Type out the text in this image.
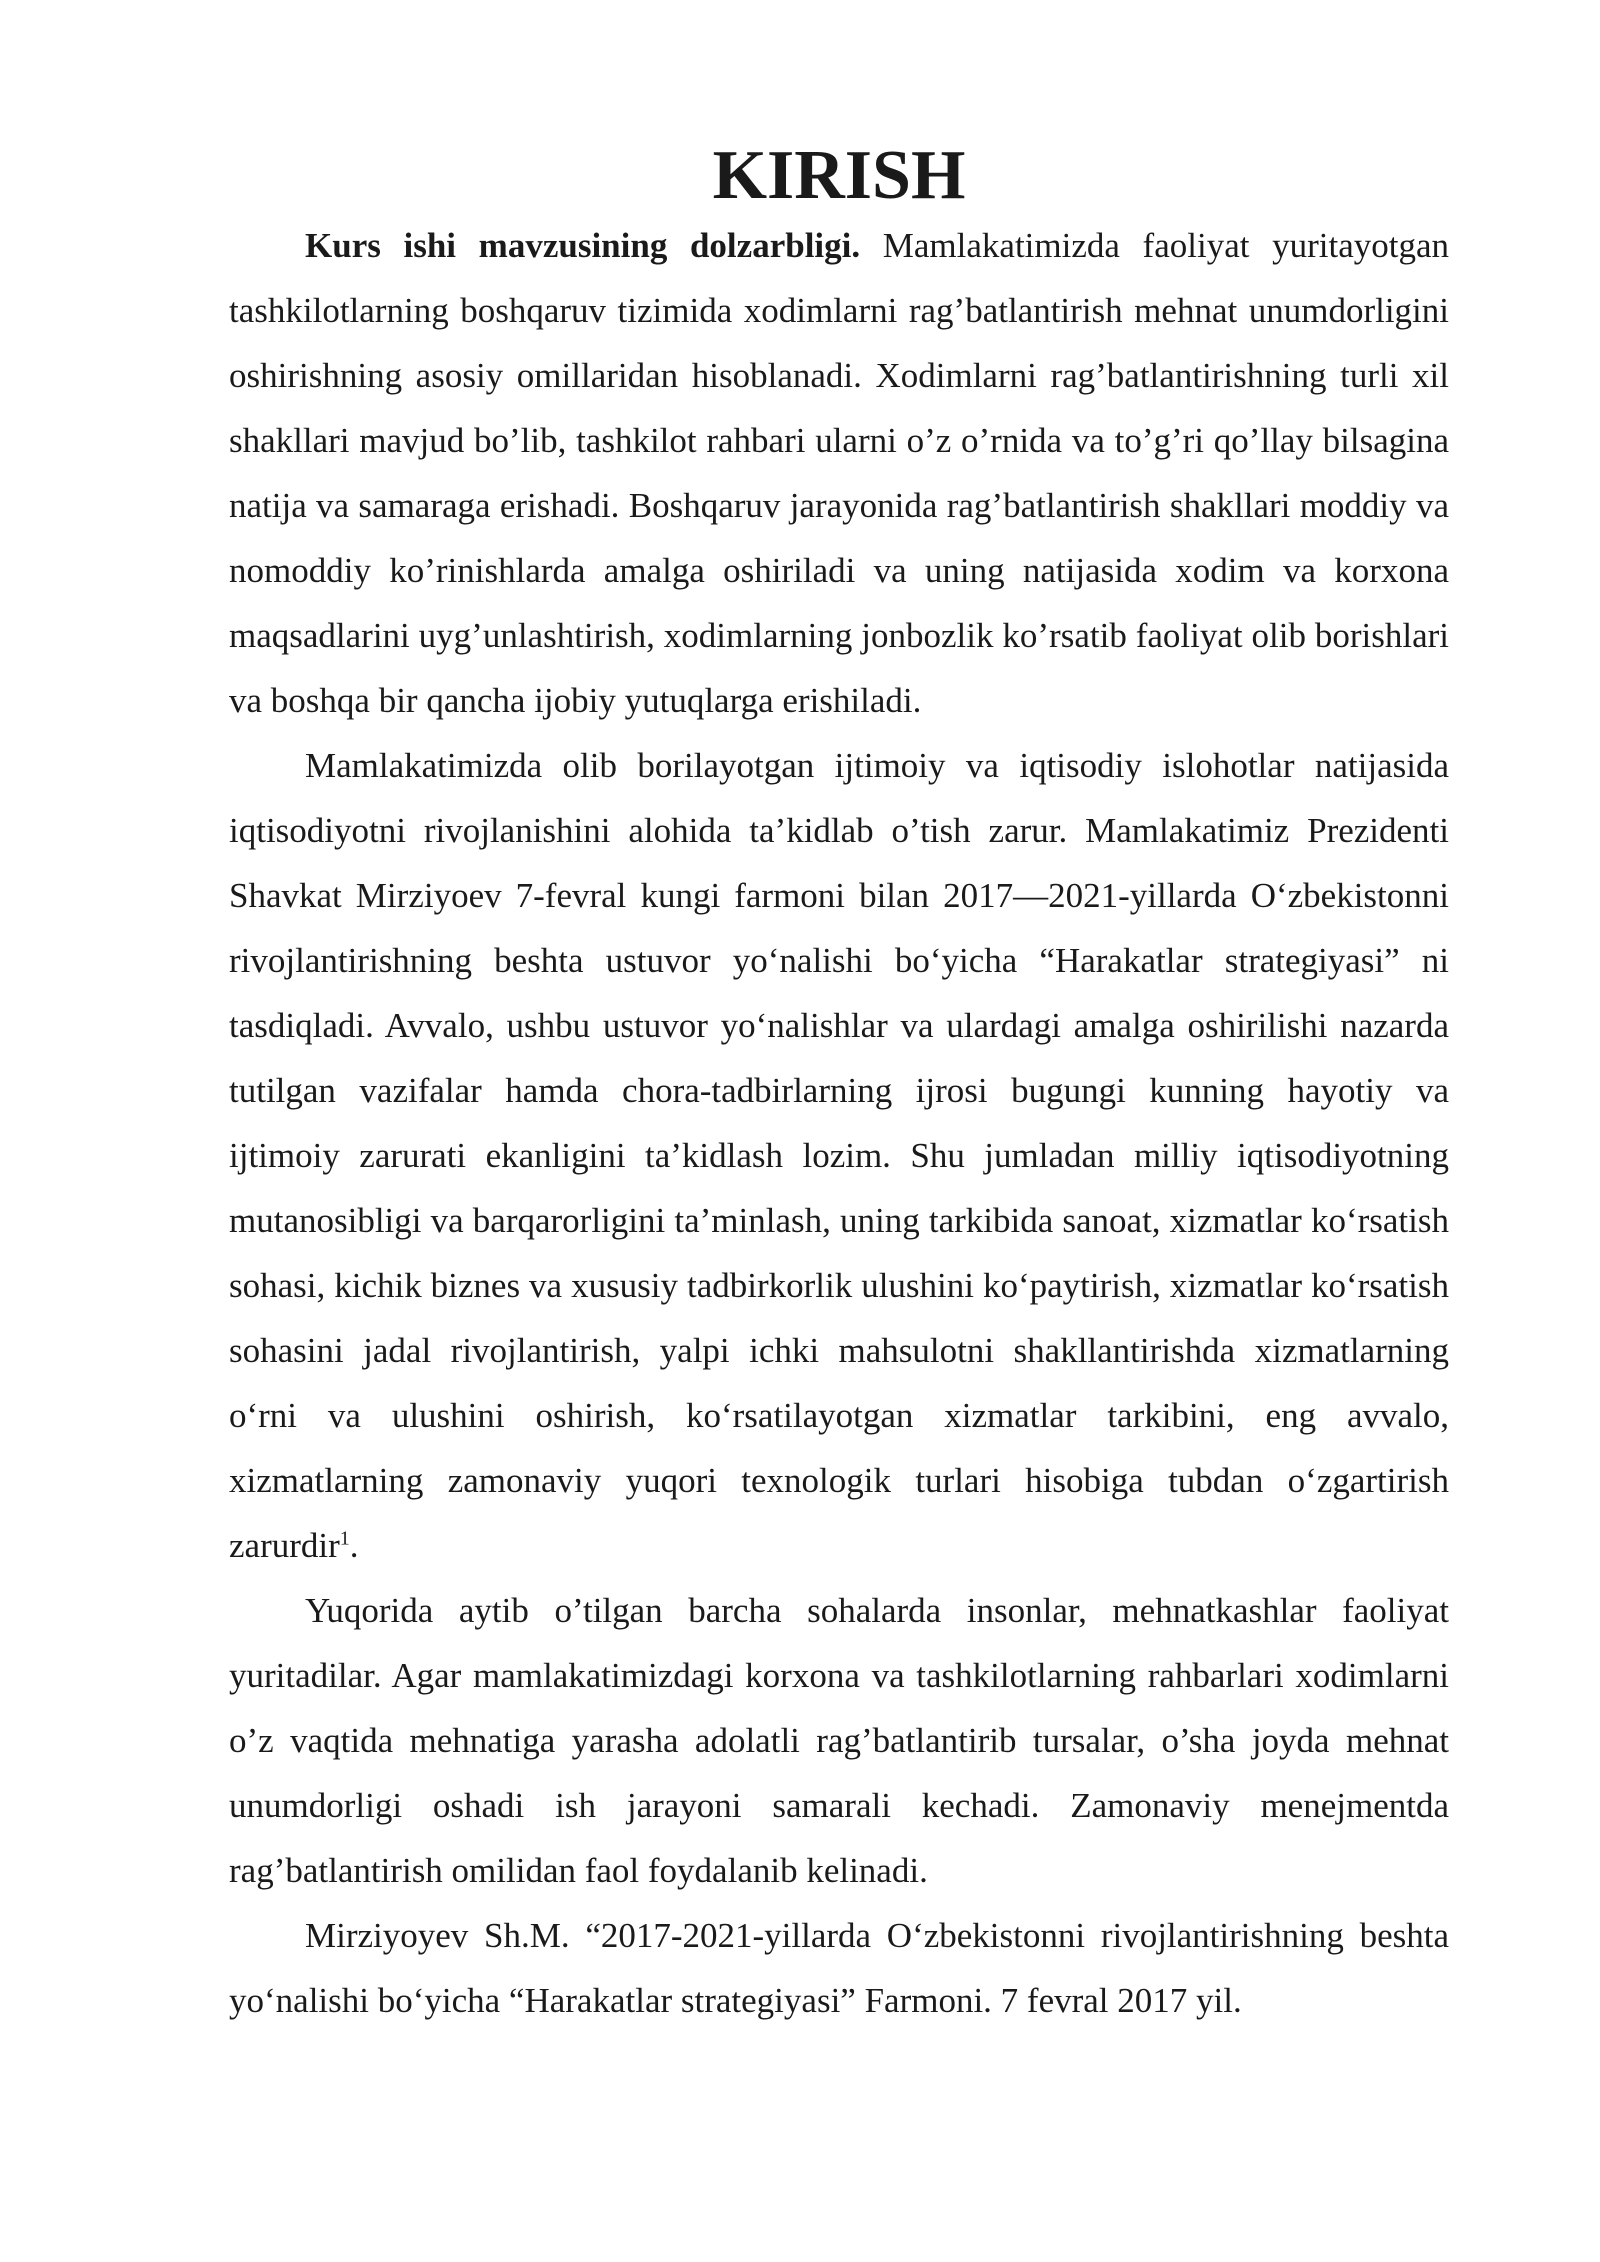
KIRISH

Kurs ishi mavzusining dolzarbligi. Mamlakatimizda faoliyat yuritayotgan tashkilotlarning boshqaruv tizimida xodimlarni rag’batlantirish mehnat unumdorligini oshirishning asosiy omillaridan hisoblanadi. Xodimlarni rag’batlantirishning turli xil shakllari mavjud bo’lib, tashkilot rahbari ularni o’z o’rnida va to’g’ri qo’llay bilsagina natija va samaraga erishadi. Boshqaruv jarayonida rag’batlantirish shakllari moddiy va nomoddiy ko’rinishlarda amalga oshiriladi va uning natijasida xodim va korxona maqsadlarini uyg’unlashtirish, xodimlarning jonbozlik ko’rsatib faoliyat olib borishlari va boshqa bir qancha ijobiy yutuqlarga erishiladi.

Mamlakatimizda olib borilayotgan ijtimoiy va iqtisodiy islohotlar natijasida iqtisodiyotni rivojlanishini alohida ta’kidlab o’tish zarur. Mamlakatimiz Prezidenti Shavkat Mirziyoev 7-fevral kungi farmoni bilan 2017—2021-yillarda O‘zbekistonni rivojlantirishning beshta ustuvor yo‘nalishi bo‘yicha “Harakatlar strategiyasi” ni tasdiqladi. Avvalo, ushbu ustuvor yo‘nalishlar va ulardagi amalga oshirilishi nazarda tutilgan vazifalar hamda chora-tadbirlarning ijrosi bugungi kunning hayotiy va ijtimoiy zarurati ekanligini ta’kidlash lozim. Shu jumladan milliy iqtisodiyotning mutanosibligi va barqarorligini ta’minlash, uning tarkibida sanoat, xizmatlar ko‘rsatish sohasi, kichik biznes va xususiy tadbirkorlik ulushini ko‘paytirish, xizmatlar ko‘rsatish sohasini jadal rivojlantirish, yalpi ichki mahsulotni shakllantirishda xizmatlarning o‘rni va ulushini oshirish, ko‘rsatilayotgan xizmatlar tarkibini, eng avvalo, xizmatlarning zamonaviy yuqori texnologik turlari hisobiga tubdan o‘zgartirish zarurdir$^1$.

Yuqorida aytib o’tilgan barcha sohalarda insonlar, mehnatkashlar faoliyat yuritadilar. Agar mamlakatimizdagi korxona va tashkilotlarning rahbarlari xodimlarni o’z vaqtida mehnatiga yarasha adolatli rag’batlantirib tursalar, o’sha joyda mehnat unumdorligi oshadi ish jarayoni samarali kechadi. Zamonaviy menejmentda rag’batlantirish omilidan faol foydalanib kelinadi.

Mirziyoyev Sh.M. “2017-2021-yillarda O‘zbekistonni rivojlantirishning beshta yo‘nalishi bo‘yicha “Harakatlar strategiyasi” Farmoni. 7 fevral 2017 yil.
